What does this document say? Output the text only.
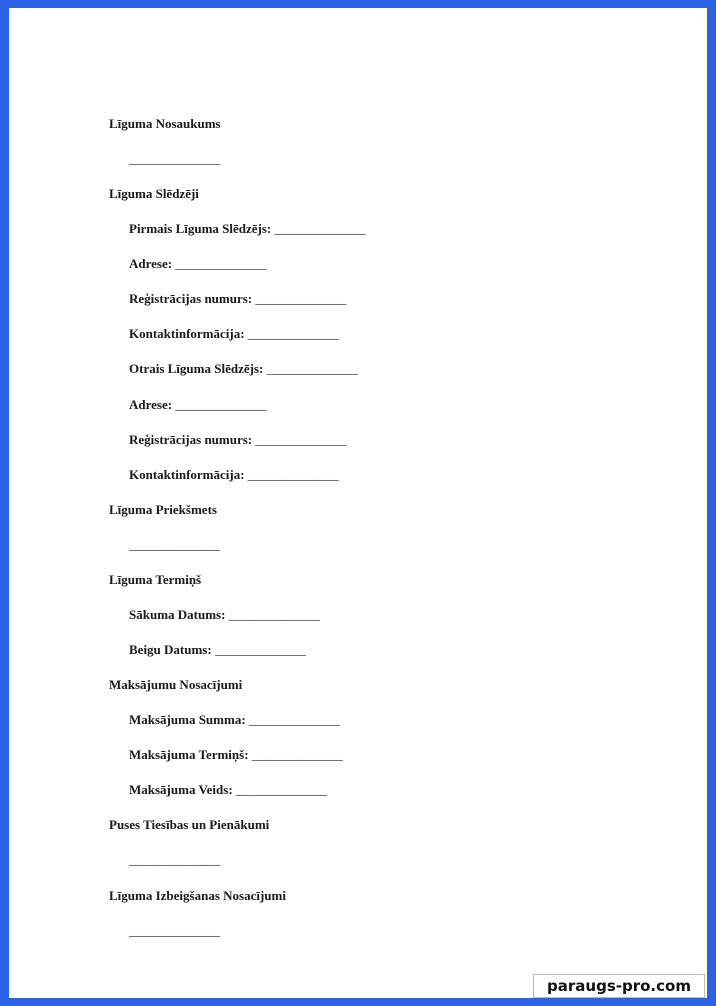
Līguma Nosaukums
______________
Līguma Slēdzēji
Pirmais Līguma Slēdzējs: ______________
Adrese: ______________
Reģistrācijas numurs: ______________
Kontaktinformācija: ______________
Otrais Līguma Slēdzējs: ______________
Adrese: ______________
Reģistrācijas numurs: ______________
Kontaktinformācija: ______________
Līguma Priekšmets
______________
Līguma Termiņš
Sākuma Datums: ______________
Beigu Datums: ______________
Maksājumu Nosacījumi
Maksājuma Summa: ______________
Maksājuma Termiņš: ______________
Maksājuma Veids: ______________
Puses Tiesības un Pienākumi
______________
Līguma Izbeigšanas Nosacījumi
______________
paraugs-pro.com
